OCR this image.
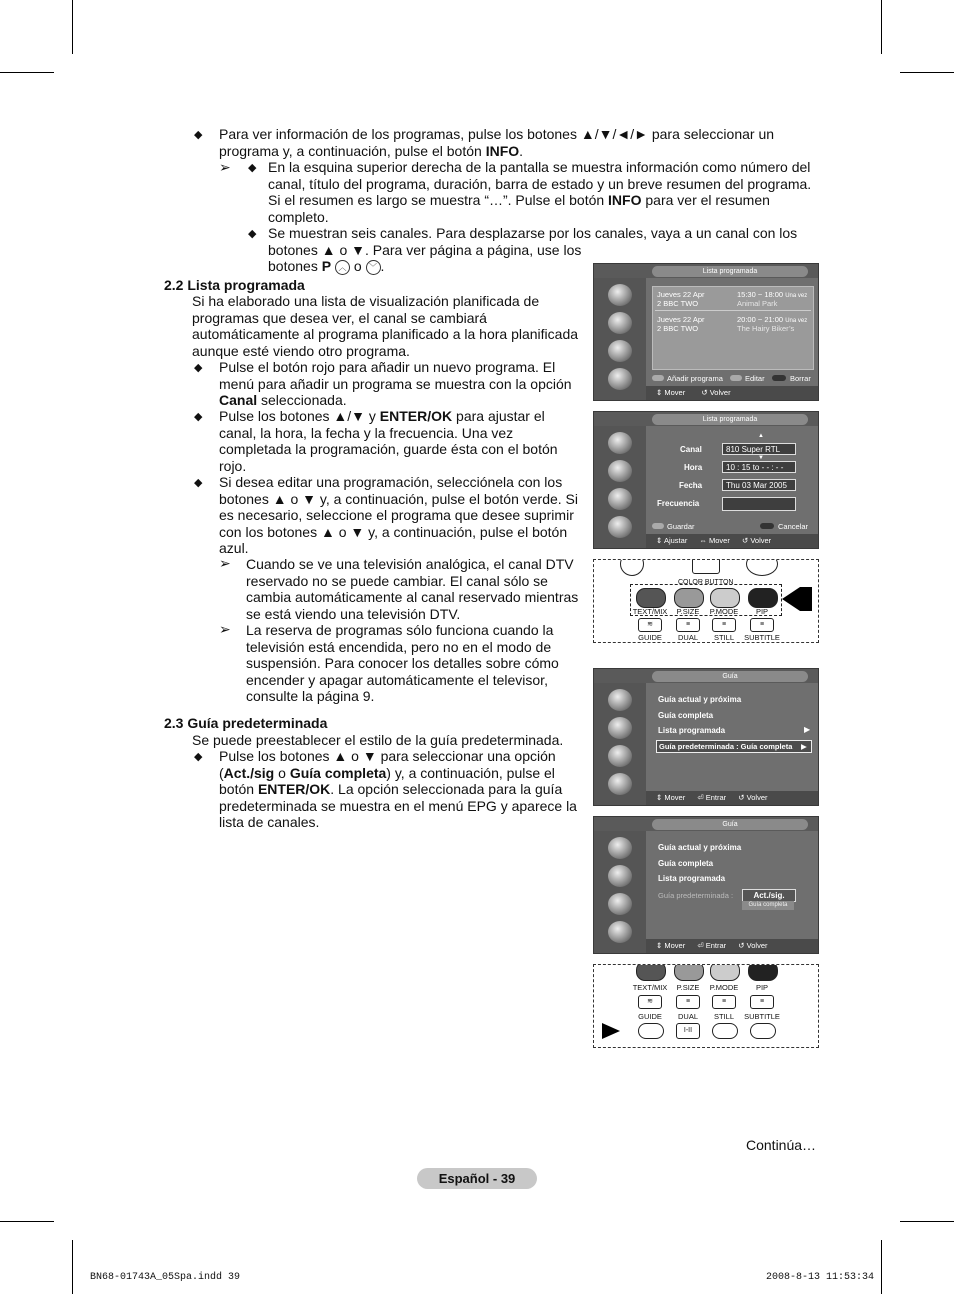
◆ Para ver información de los programas, pulse los botones ▲/▼/◄/► para seleccionar un programa y, a continuación, pulse el botón INFO.
➢ ◆ En la esquina superior derecha de la pantalla se muestra información como número del canal, título del programa, duración, barra de estado y un breve resumen del programa. Si el resumen es largo se muestra “…”. Pulse el botón INFO para ver el resumen completo.
◆ Se muestran seis canales. Para desplazarse por los canales, vaya a un canal con los

botones ▲ o ▼. Para ver página a página, use los

botones P ︿ o ﹀ .

2.2 Lista programada
Si ha elaborado una lista de visualización planificada de programas que desea ver, el canal se cambiará automáticamente al programa planificado a la hora planificada aunque esté viendo otro programa.
◆ Pulse el botón rojo para añadir un nuevo programa. El menú para añadir un programa se muestra con la opción Canal seleccionada.
◆ Pulse los botones ▲/▼ y ENTER/OK para ajustar el canal, la hora, la fecha y la frecuencia. Una vez completada la programación, guarde ésta con el botón rojo.
◆ Si desea editar una programación, selecciónela con los botones ▲ o ▼ y, a continuación, pulse el botón verde. Si es necesario, seleccione el programa que desee suprimir con los botones ▲ o ▼ y, a continuación, pulse el botón azul.
➢ Cuando se ve una televisión analógica, el canal DTV reservado no se puede cambiar. El canal sólo se cambia automáticamente al canal reservado mientras se está viendo una televisión DTV.
➢ La reserva de programas sólo funciona cuando la televisión está encendida, pero no en el modo de suspensión. Para conocer los detalles sobre cómo encender y apagar automáticamente el televisor, consulte la página 9.
2.3 Guía predeterminada
Se puede preestablecer el estilo de la guía predeterminada.
◆ Pulse los botones ▲ o ▼ para seleccionar una opción (Act./sig o Guía completa) y, a continuación, pulse el botón ENTER/OK. La opción seleccionada para la guía predeterminada se muestra en el menú EPG y aparece la lista de canales.
Lista programada
Jueves 22 Apr
2 BBC TWO
15:30 ~ 18:00 Una vez
Animal Park
Jueves 22 Apr
2 BBC TWO
20:00 ~ 21:00 Una vez
The Hairy Biker’s
Añadir programa	Editar	Borrar
⇕ Mover ↺ Volver
Lista programada
▲
Canal	810 Super RTL
▼
Hora	10 : 15 to - - : - -
Fecha	Thu 03 Mar 2005
Frecuencia
Guardar	Cancelar
⇕ Ajustar ⇔ Mover ↺ Volver
COLOR BUTTON
TEXT/MIX	P.SIZE	P.MODE	PIP
≋	≡	≡	≡
GUIDE	DUAL	STILL	SUBTITLE
Guía
Guía actual y próxima
Guía completa
Lista programada	▶
Guía predeterminada : Guía completa ▶
⇕ Mover ⏎ Entrar ↺ Volver
Guía
Guía actual y próxima
Guía completa
Lista programada
Guía predeterminada :	Act./sig.
Guía completa
⇕ Mover ⏎ Entrar ↺ Volver
TEXT/MIX	P.SIZE	P.MODE	PIP
≋	≡	≡	≡
GUIDE	DUAL	STILL	SUBTITLE
I-II
Continúa…
Español - 39
BN68-01743A_05Spa.indd 39	2008-8-13 11:53:34
